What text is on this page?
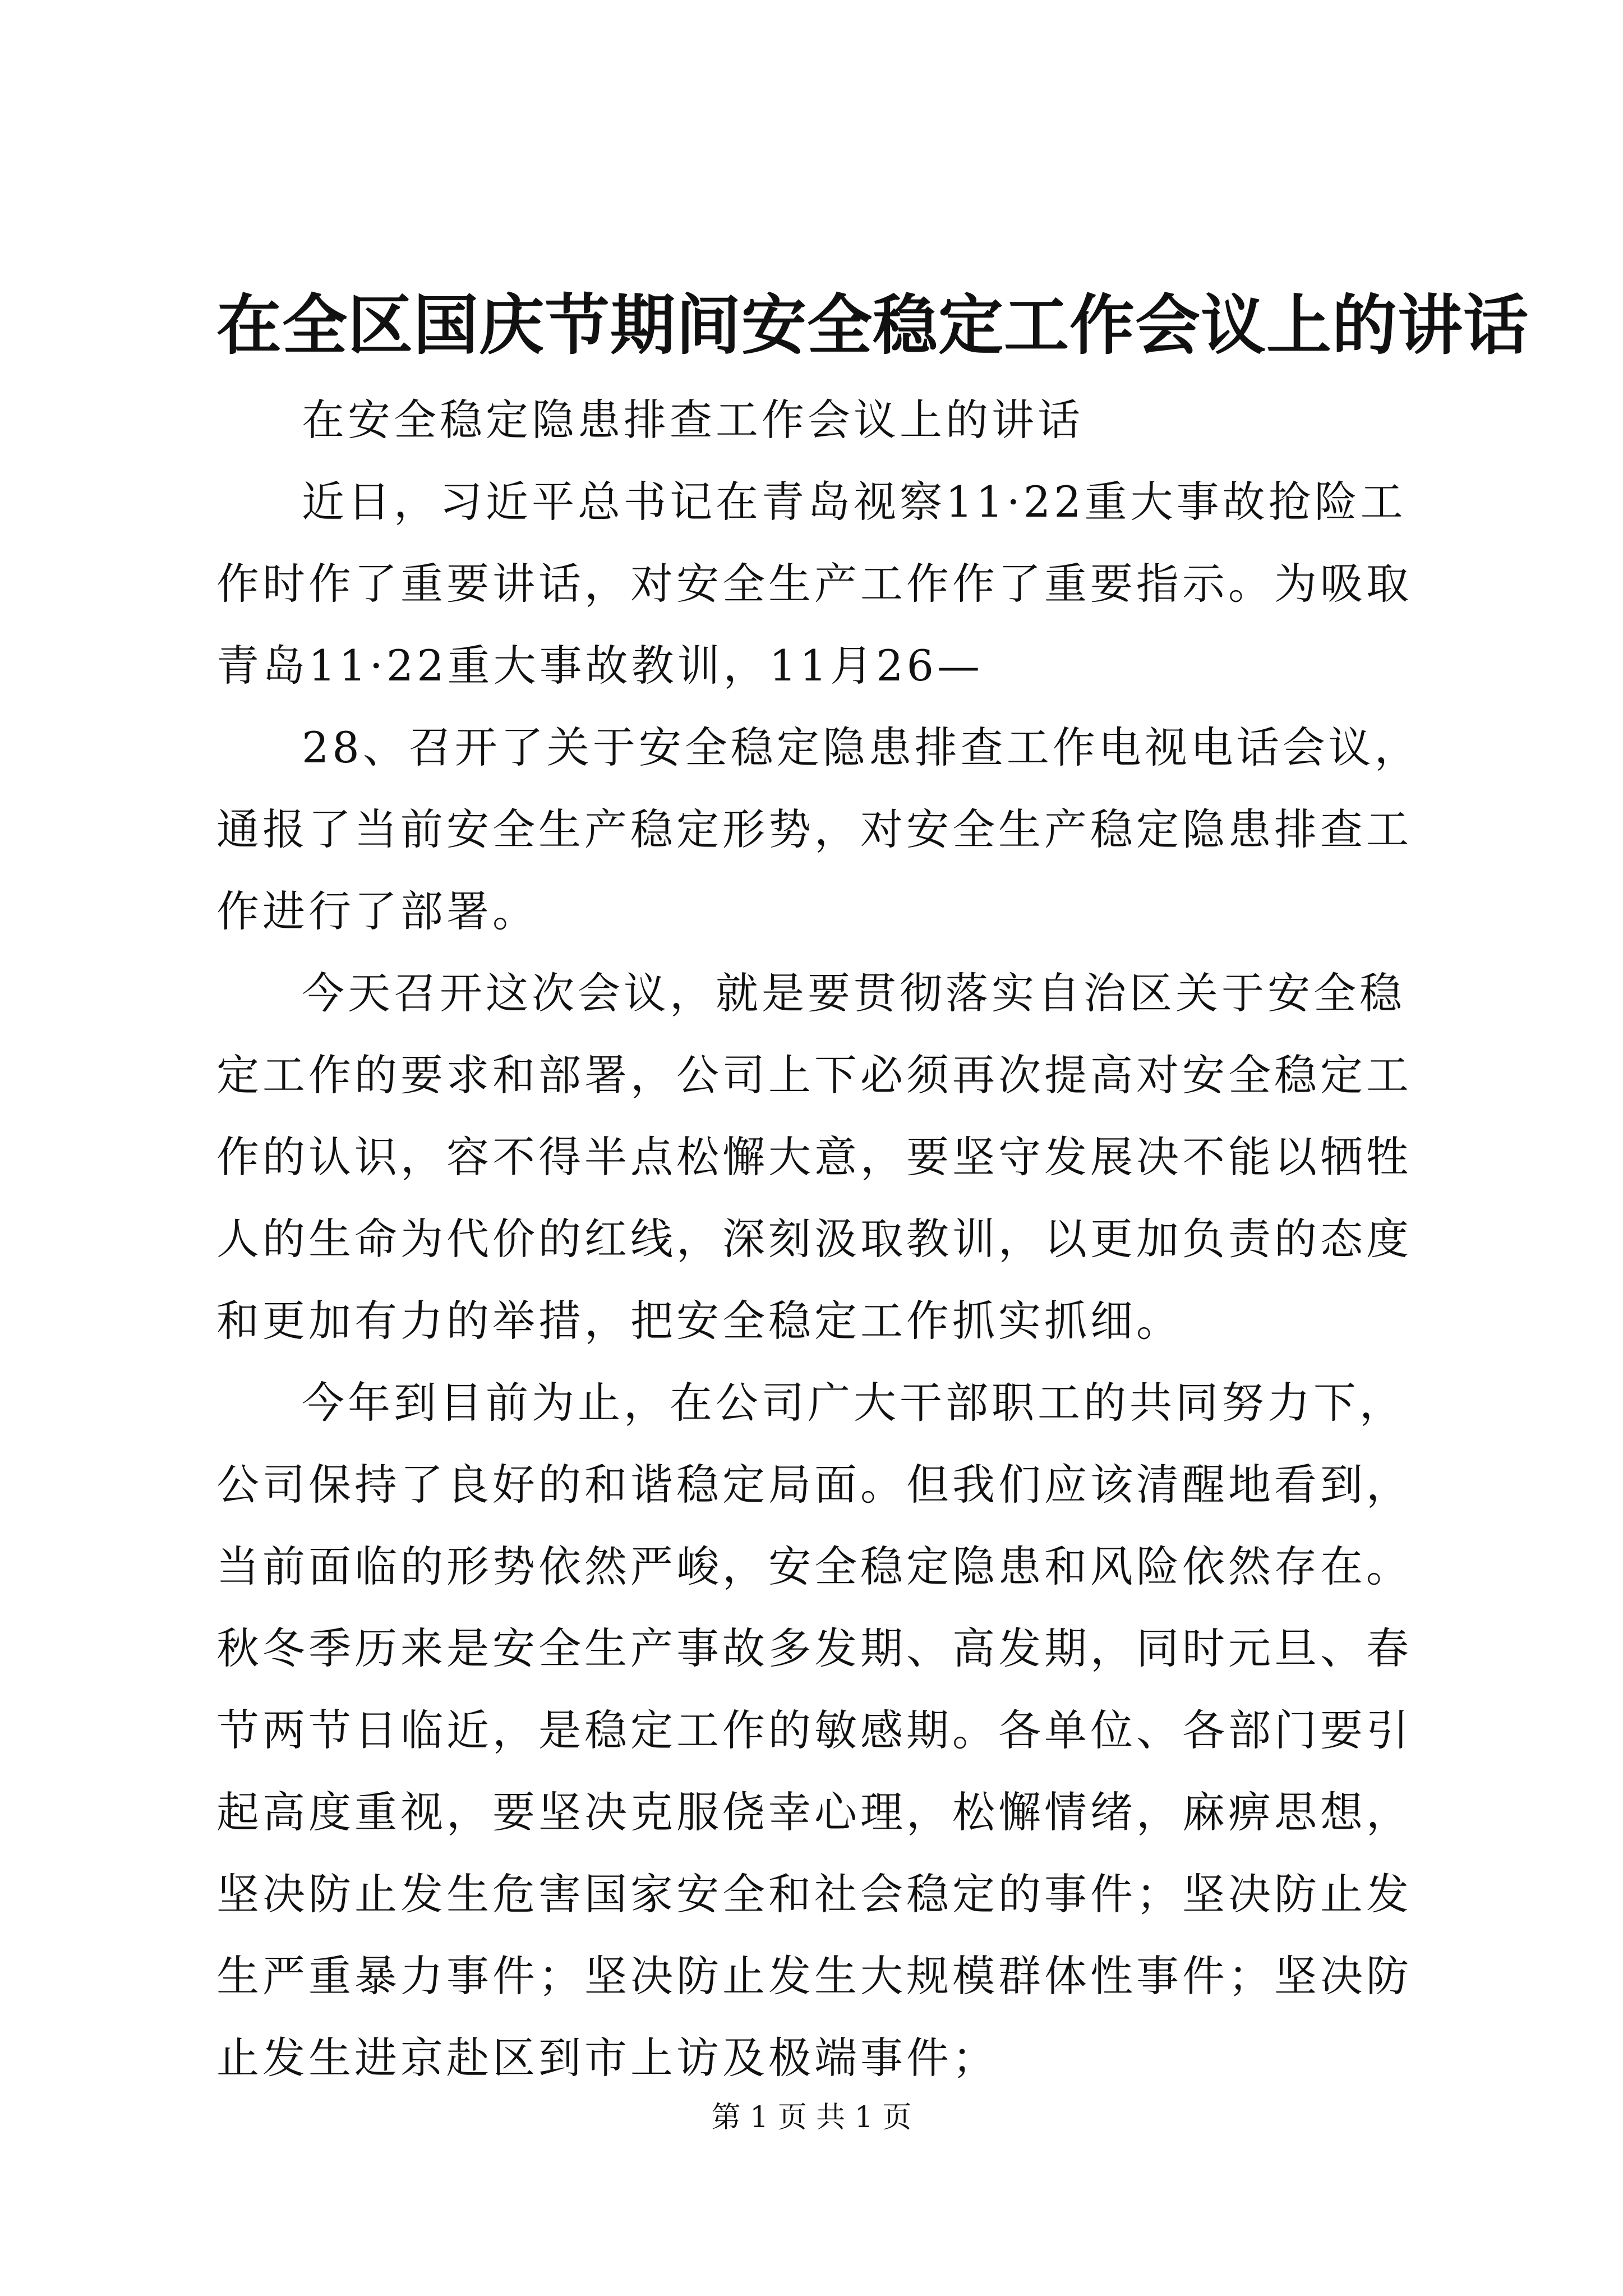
在全区国庆节期间安全稳定工作会议上的讲话

在安全稳定隐患排查工作会议上的讲话

近日，习近平总书记在青岛视察11·22重大事故抢险工作时作了重要讲话，对安全生产工作作了重要指示。为吸取青岛11·22重大事故教训，11月26—

28、召开了关于安全稳定隐患排查工作电视电话会议，通报了当前安全生产稳定形势，对安全生产稳定隐患排查工作进行了部署。

今天召开这次会议，就是要贯彻落实自治区关于安全稳定工作的要求和部署，公司上下必须再次提高对安全稳定工作的认识，容不得半点松懈大意，要坚守发展决不能以牺牲人的生命为代价的红线，深刻汲取教训，以更加负责的态度和更加有力的举措，把安全稳定工作抓实抓细。

今年到目前为止，在公司广大干部职工的共同努力下，公司保持了良好的和谐稳定局面。但我们应该清醒地看到，当前面临的形势依然严峻，安全稳定隐患和风险依然存在。秋冬季历来是安全生产事故多发期、高发期，同时元旦、春节两节日临近，是稳定工作的敏感期。各单位、各部门要引起高度重视，要坚决克服侥幸心理，松懈情绪，麻痹思想，坚决防止发生危害国家安全和社会稳定的事件；坚决防止发生严重暴力事件；坚决防止发生大规模群体性事件；坚决防止发生进京赴区到市上访及极端事件；

第 1 页 共 1 页
